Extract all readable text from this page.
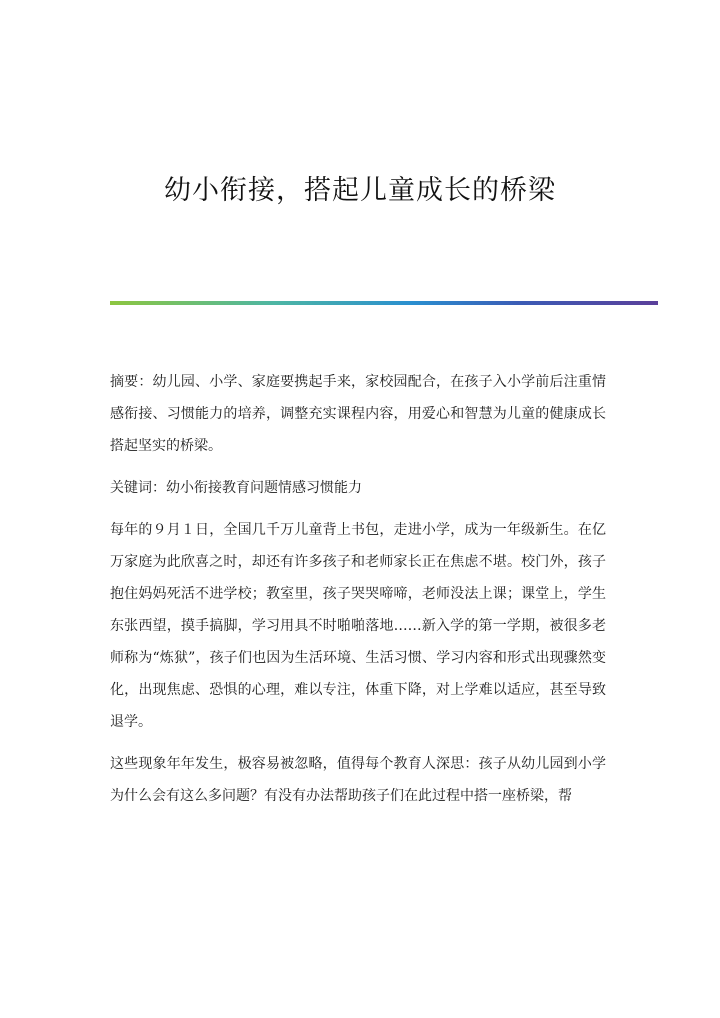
幼小衔接，搭起儿童成长的桥梁

摘要：幼儿园、小学、家庭要携起手来，家校园配合，在孩子入小学前后注重情感衔接、习惯能力的培养，调整充实课程内容，用爱心和智慧为儿童的健康成长搭起坚实的桥梁。

关键词：幼小衔接教育问题情感习惯能力

每年的９月１日，全国几千万儿童背上书包，走进小学，成为一年级新生。在亿万家庭为此欣喜之时，却还有许多孩子和老师家长正在焦虑不堪。校门外，孩子抱住妈妈死活不进学校；教室里，孩子哭哭啼啼，老师没法上课；课堂上，学生东张西望，摸手搞脚，学习用具不时啪啪落地……新入学的第一学期，被很多老师称为“炼狱”，孩子们也因为生活环境、生活习惯、学习内容和形式出现骤然变化，出现焦虑、恐惧的心理，难以专注，体重下降，对上学难以适应，甚至导致退学。

这些现象年年发生，极容易被忽略，值得每个教育人深思：孩子从幼儿园到小学为什么会有这么多问题？有没有办法帮助孩子们在此过程中搭一座桥梁，帮
